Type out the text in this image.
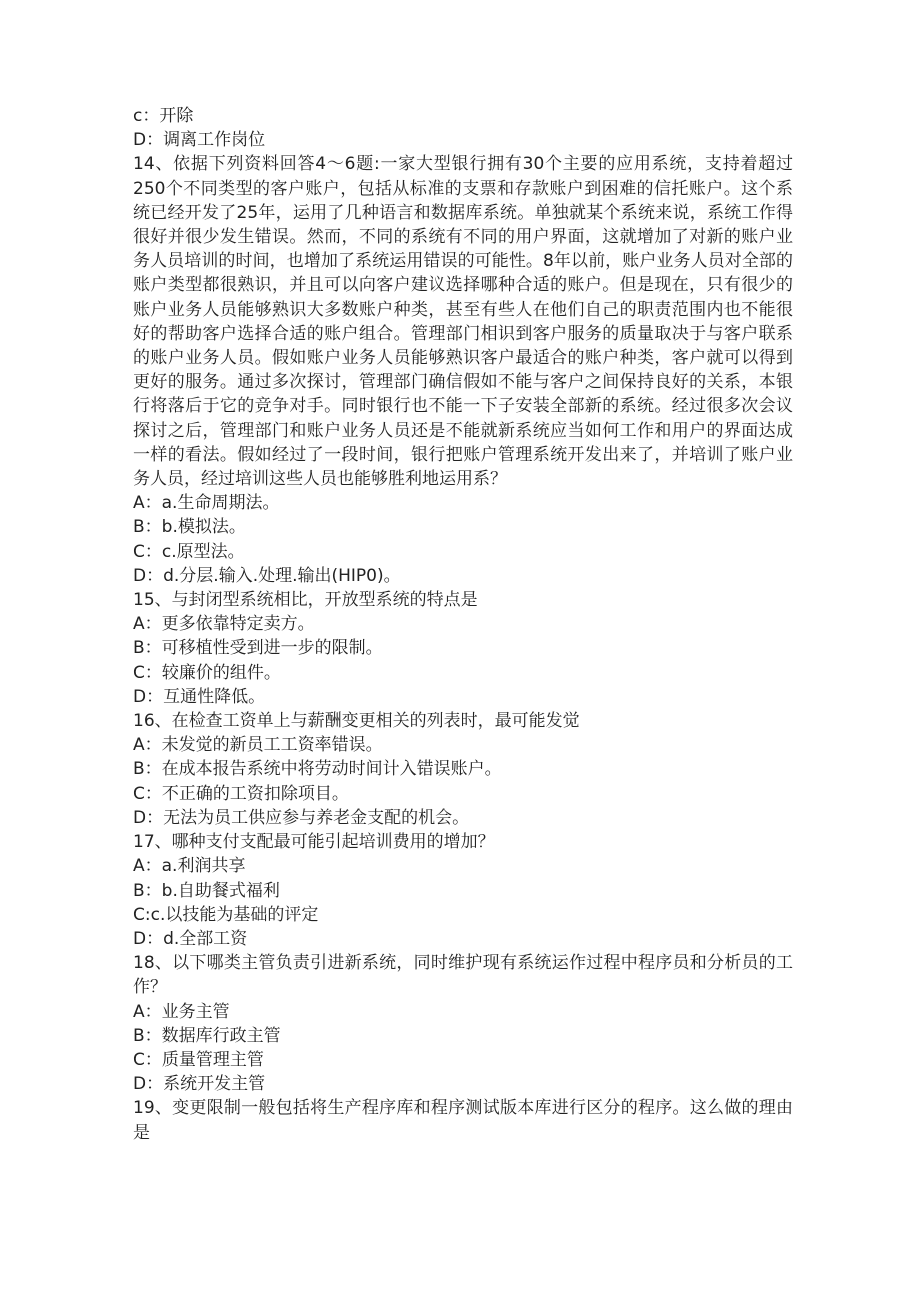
c：开除

D：调离工作岗位

14、依据下列资料回答4～6题:一家大型银行拥有30个主要的应用系统，支持着超过250个不同类型的客户账户，包括从标准的支票和存款账户到困难的信托账户。这个系统已经开发了25年，运用了几种语言和数据库系统。单独就某个系统来说，系统工作得很好并很少发生错误。然而，不同的系统有不同的用户界面，这就增加了对新的账户业务人员培训的时间，也增加了系统运用错误的可能性。8年以前，账户业务人员对全部的账户类型都很熟识，并且可以向客户建议选择哪种合适的账户。但是现在，只有很少的账户业务人员能够熟识大多数账户种类，甚至有些人在他们自己的职责范围内也不能很好的帮助客户选择合适的账户组合。管理部门相识到客户服务的质量取决于与客户联系的账户业务人员。假如账户业务人员能够熟识客户最适合的账户种类，客户就可以得到更好的服务。通过多次探讨，管理部门确信假如不能与客户之间保持良好的关系，本银行将落后于它的竞争对手。同时银行也不能一下子安装全部新的系统。经过很多次会议探讨之后，管理部门和账户业务人员还是不能就新系统应当如何工作和用户的界面达成一样的看法。假如经过了一段时间，银行把账户管理系统开发出来了，并培训了账户业务人员，经过培训这些人员也能够胜利地运用系？

A：a.生命周期法。

B：b.模拟法。

C：c.原型法。

D：d.分层.输入.处理.输出(HIP0)。

15、与封闭型系统相比，开放型系统的特点是

A：更多依靠特定卖方。

B：可移植性受到进一步的限制。

C：较廉价的组件。

D：互通性降低。

16、在检查工资单上与薪酬变更相关的列表时，最可能发觉

A：未发觉的新员工工资率错误。

B：在成本报告系统中将劳动时间计入错误账户。

C：不正确的工资扣除项目。

D：无法为员工供应参与养老金支配的机会。

17、哪种支付支配最可能引起培训费用的增加？

A：a.利润共享

B：b.自助餐式福利

C:c.以技能为基础的评定

D：d.全部工资

18、以下哪类主管负责引进新系统，同时维护现有系统运作过程中程序员和分析员的工作？

A：业务主管

B：数据库行政主管

C：质量管理主管

D：系统开发主管

19、变更限制一般包括将生产程序库和程序测试版本库进行区分的程序。这么做的理由是
